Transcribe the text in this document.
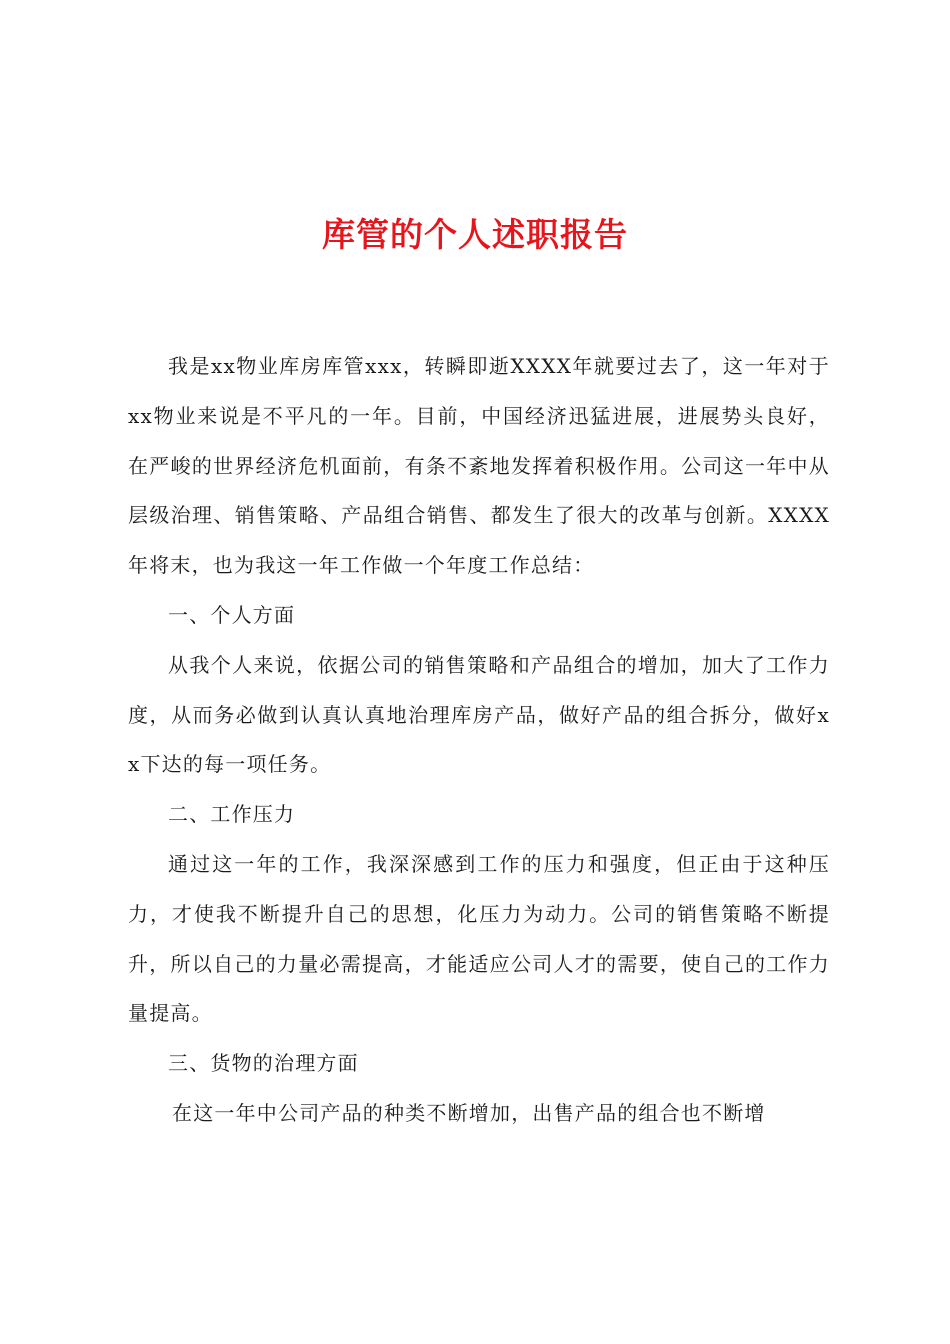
库管的个人述职报告

我是xx物业库房库管xxx，转瞬即逝XXXX年就要过去了，这一年对于xx物业来说是不平凡的一年。目前，中国经济迅猛进展，进展势头良好，在严峻的世界经济危机面前，有条不紊地发挥着积极作用。公司这一年中从层级治理、销售策略、产品组合销售、都发生了很大的改革与创新。XXXX年将末，也为我这一年工作做一个年度工作总结：

一、个人方面

从我个人来说，依据公司的销售策略和产品组合的增加，加大了工作力度，从而务必做到认真认真地治理库房产品，做好产品的组合拆分，做好xx下达的每一项任务。

二、工作压力

通过这一年的工作，我深深感到工作的压力和强度，但正由于这种压力，才使我不断提升自己的思想，化压力为动力。公司的销售策略不断提升，所以自己的力量必需提高，才能适应公司人才的需要，使自己的工作力量提高。

三、货物的治理方面

在这一年中公司产品的种类不断增加，出售产品的组合也不断增
